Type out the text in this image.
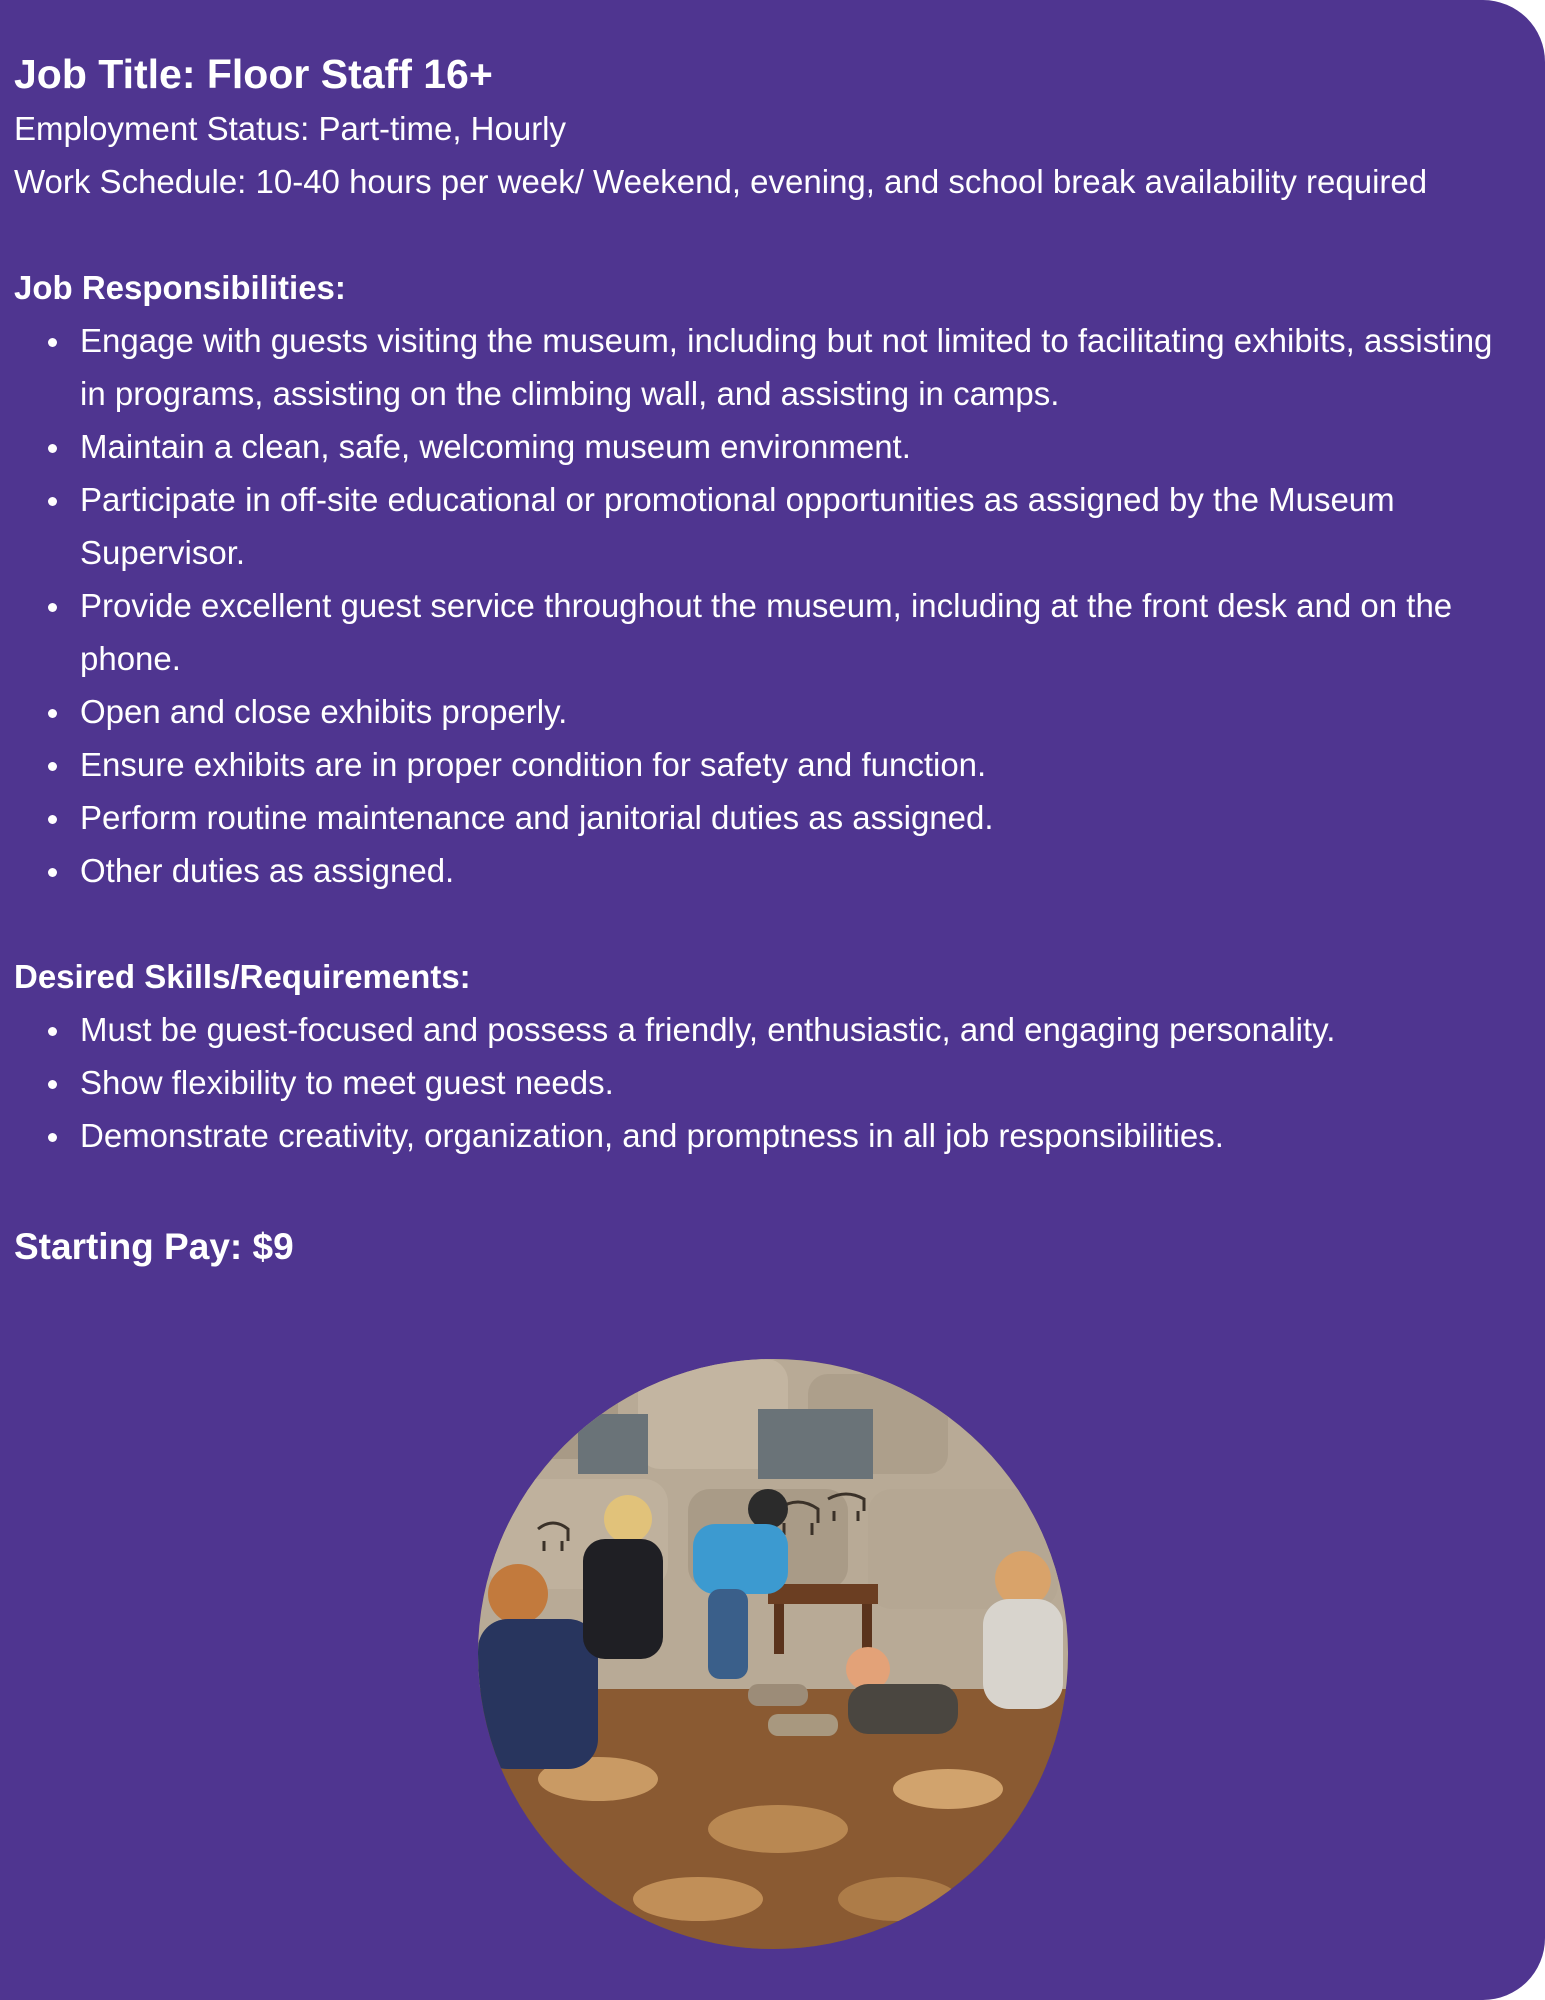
Job Title: Floor Staff 16+

Employment Status: Part-time, Hourly

Work Schedule: 10-40 hours per week/ Weekend, evening, and school break availability required

Job Responsibilities:
Engage with guests visiting the museum, including but not limited to facilitating exhibits, assisting in programs, assisting on the climbing wall, and assisting in camps.
Maintain a clean, safe, welcoming museum environment.
Participate in off-site educational or promotional opportunities as assigned by the Museum Supervisor.
Provide excellent guest service throughout the museum, including at the front desk and on the phone.
Open and close exhibits properly.
Ensure exhibits are in proper condition for safety and function.
Perform routine maintenance and janitorial duties as assigned.
Other duties as assigned.
Desired Skills/Requirements:
Must be guest-focused and possess a friendly, enthusiastic, and engaging personality.
Show flexibility to meet guest needs.
Demonstrate creativity, organization, and promptness in all job responsibilities.

Starting Pay: $9
